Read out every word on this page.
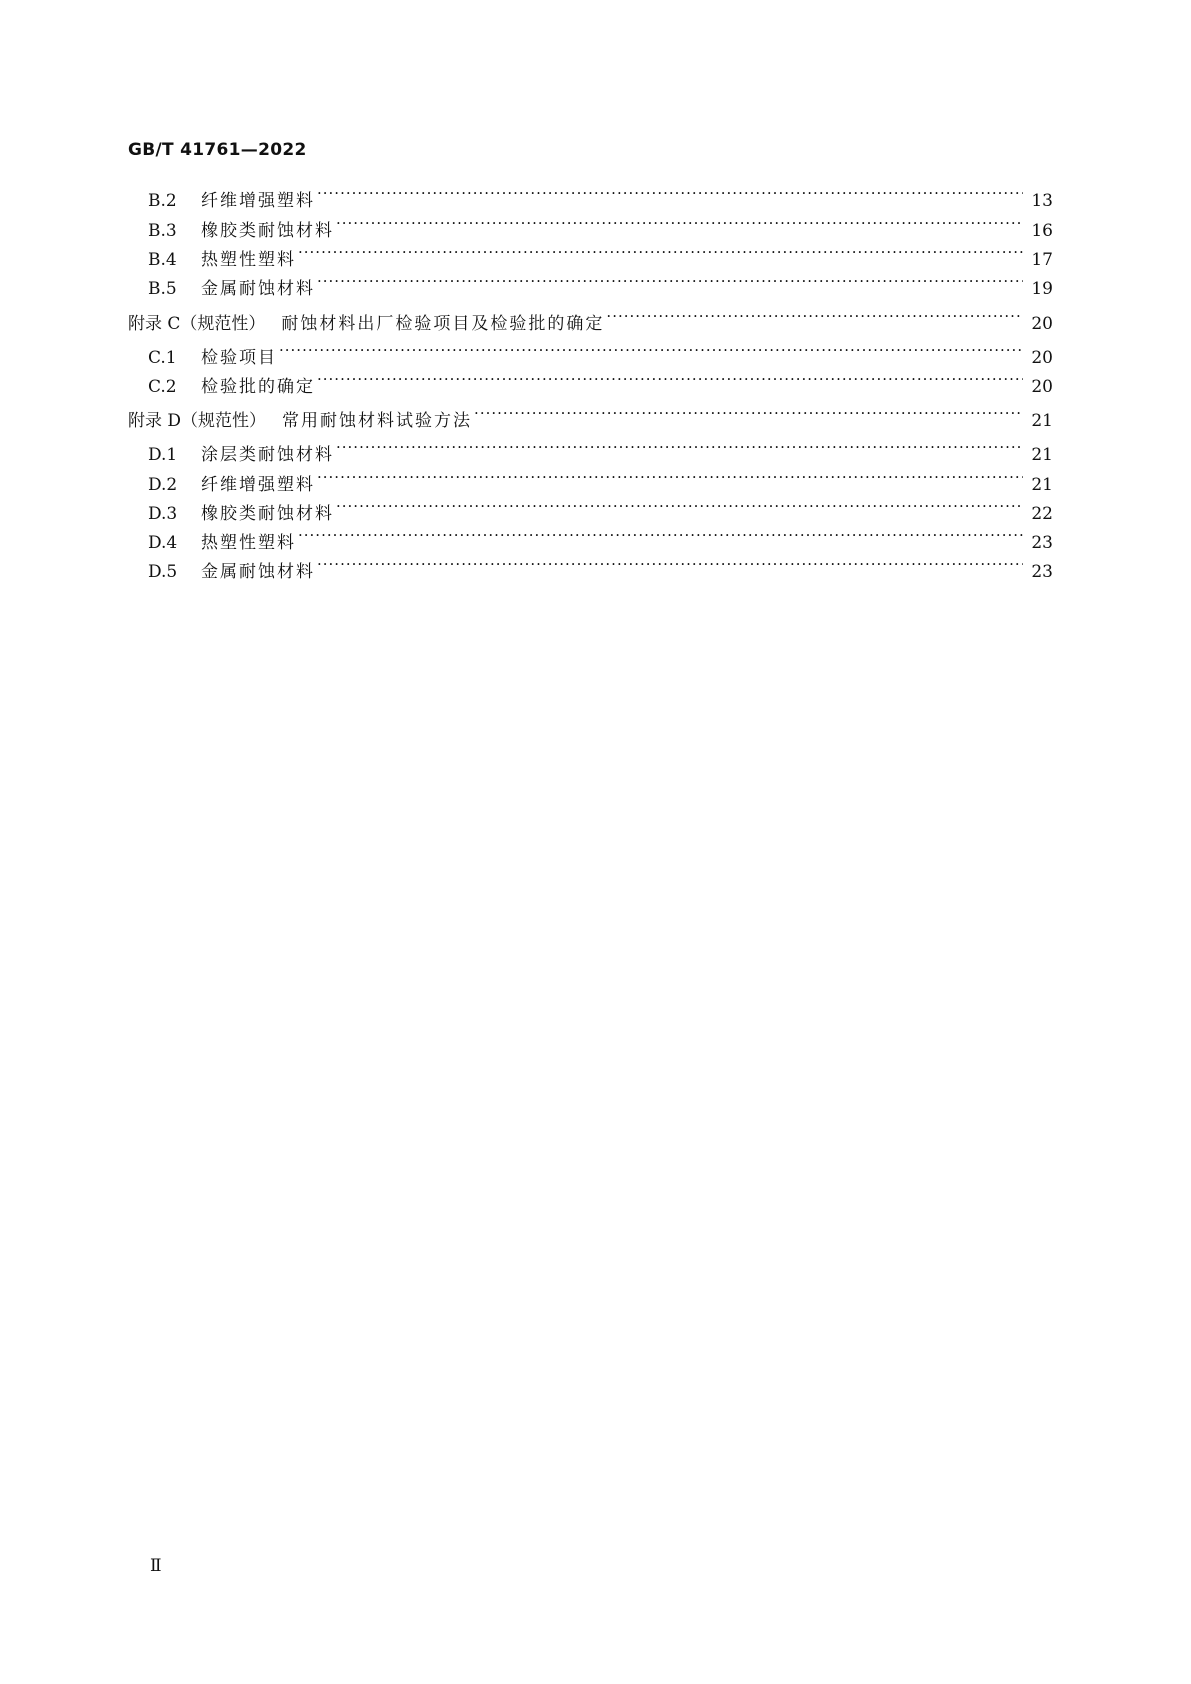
GB/T 41761—2022
B.2	纤维增强塑料 ·····	13
B.3	橡胶类耐蚀材料 ·····	16
B.4	热塑性塑料 ·····	17
B.5	金属耐蚀材料 ·····	19
附录 C（规范性） 耐蚀材料出厂检验项目及检验批的确定 ·····	20
C.1	检验项目 ·····	20
C.2	检验批的确定 ·····	20
附录 D（规范性） 常用耐蚀材料试验方法 ·····	21
D.1	涂层类耐蚀材料 ·····	21
D.2	纤维增强塑料 ·····	21
D.3	橡胶类耐蚀材料 ·····	22
D.4	热塑性塑料 ·····	23
D.5	金属耐蚀材料 ·····	23
Ⅱ
